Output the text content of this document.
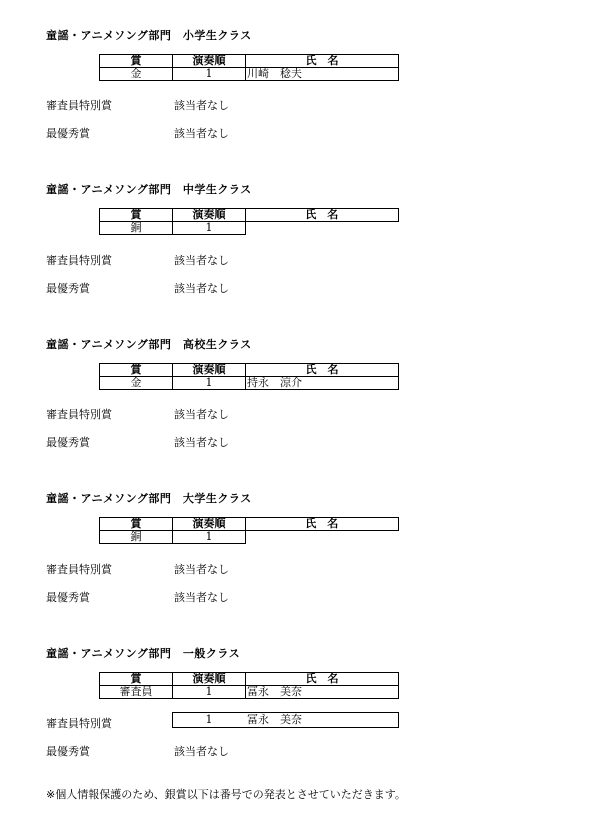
童謡・アニメソング部門　小学生クラス
賞	演奏順	氏　名
金	1	川崎　稔夫
審査員特別賞	該当者なし
最優秀賞	該当者なし
童謡・アニメソング部門　中学生クラス
賞	演奏順	氏　名
銅	1	
審査員特別賞	該当者なし
最優秀賞	該当者なし
童謡・アニメソング部門　高校生クラス
賞	演奏順	氏　名
金	1	持永　涼介
審査員特別賞	該当者なし
最優秀賞	該当者なし
童謡・アニメソング部門　大学生クラス
賞	演奏順	氏　名
銅	1	
審査員特別賞	該当者なし
最優秀賞	該当者なし
童謡・アニメソング部門　一般クラス
賞	演奏順	氏　名
審査員	1	冨永　美奈
審査員特別賞	1	冨永　美奈
最優秀賞	該当者なし
※個人情報保護のため、銀賞以下は番号での発表とさせていただきます。
